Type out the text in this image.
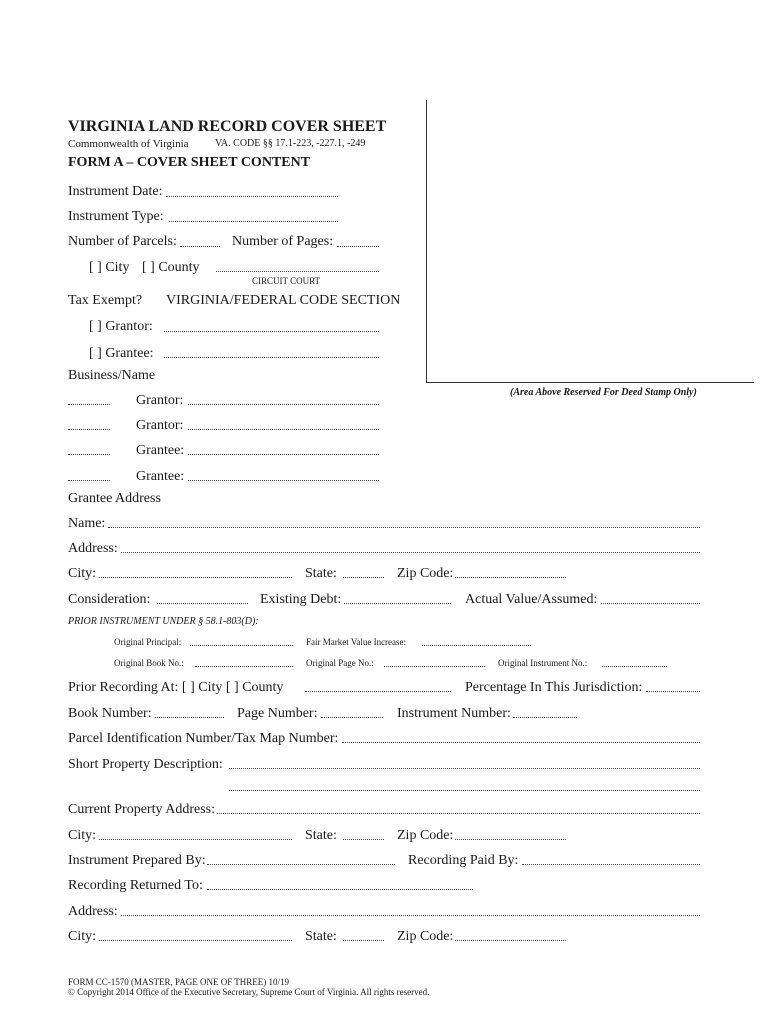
(Area Above Reserved For Deed Stamp Only)
VIRGINIA LAND RECORD COVER SHEET
Commonwealth of Virginia	VA. CODE §§ 17.1-223, -227.1, -249
FORM A – COVER SHEET CONTENT
Instrument Date:
Instrument Type:
Number of Parcels:	Number of Pages:
[ ] City [ ] County
CIRCUIT COURT
Tax Exempt? VIRGINIA/FEDERAL CODE SECTION
[ ] Grantor:
[ ] Grantee:
Business/Name
Grantor:
Grantor:
Grantee:
Grantee:
Grantee Address
Name:
Address:
City:	State:	Zip Code:
Consideration:	Existing Debt:	Actual Value/Assumed:
PRIOR INSTRUMENT UNDER § 58.1-803(D):
Original Principal:	Fair Market Value Increase:
Original Book No.:	Original Page No.:	Original Instrument No.:
Prior Recording At: [ ] City [ ] County	Percentage In This Jurisdiction:
Book Number:	Page Number:	Instrument Number:
Parcel Identification Number/Tax Map Number:
Short Property Description:
Current Property Address:
City:	State:	Zip Code:
Instrument Prepared By:	Recording Paid By:
Recording Returned To:
Address:
City:	State:	Zip Code:
FORM CC-1570 (MASTER, PAGE ONE OF THREE) 10/19
© Copyright 2014 Office of the Executive Secretary, Supreme Court of Virginia. All rights reserved.
